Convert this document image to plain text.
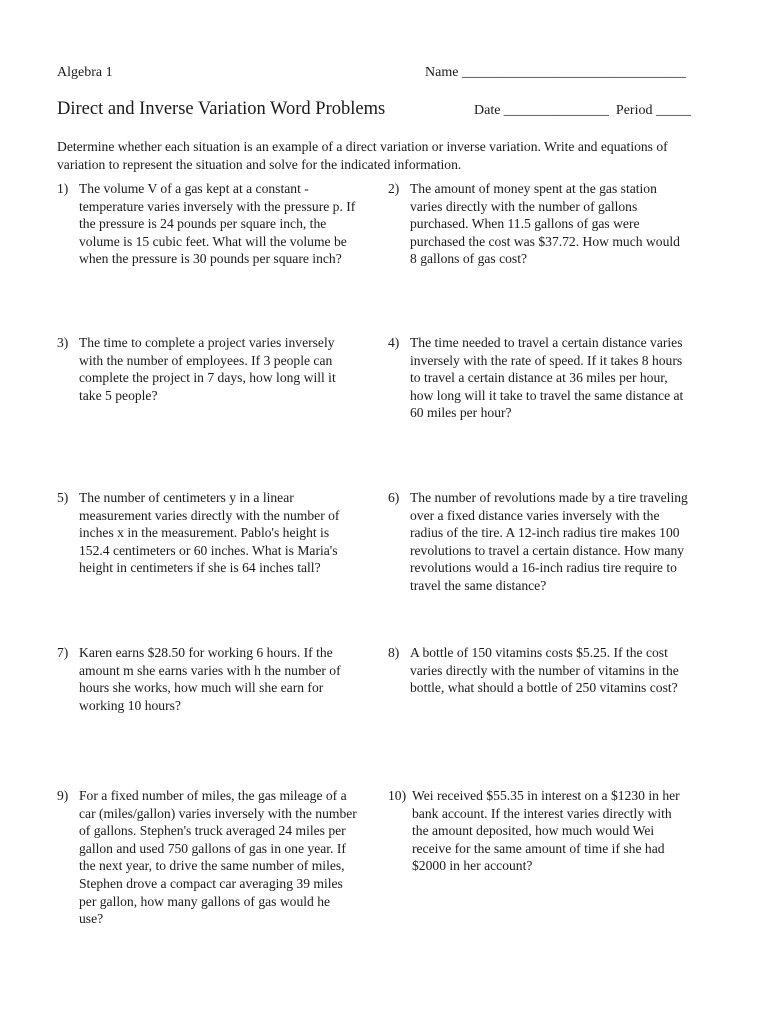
Algebra 1	Name ________________________________
Direct and Inverse Variation Word Problems	Date _______________  Period _____
Determine whether each situation is an example of a direct variation or inverse variation. Write and equations of variation to represent the situation and solve for the indicated information.
1) The volume V of a gas kept at a constant - temperature varies inversely with the pressure p. If the pressure is 24 pounds per square inch, the volume is 15 cubic feet. What will the volume be when the pressure is 30 pounds per square inch?
2) The amount of money spent at the gas station varies directly with the number of gallons purchased. When 11.5 gallons of gas were purchased the cost was $37.72. How much would 8 gallons of gas cost?
3) The time to complete a project varies inversely with the number of employees. If 3 people can complete the project in 7 days, how long will it take 5 people?
4) The time needed to travel a certain distance varies inversely with the rate of speed. If it takes 8 hours to travel a certain distance at 36 miles per hour, how long will it take to travel the same distance at 60 miles per hour?
5) The number of centimeters y in a linear measurement varies directly with the number of inches x in the measurement. Pablo's height is 152.4 centimeters or 60 inches. What is Maria's height in centimeters if she is 64 inches tall?
6) The number of revolutions made by a tire traveling over a fixed distance varies inversely with the radius of the tire. A 12-inch radius tire makes 100 revolutions to travel a certain distance. How many revolutions would a 16-inch radius tire require to travel the same distance?
7) Karen earns $28.50 for working 6 hours. If the amount m she earns varies with h the number of hours she works, how much will she earn for working 10 hours?
8) A bottle of 150 vitamins costs $5.25. If the cost varies directly with the number of vitamins in the bottle, what should a bottle of 250 vitamins cost?
9) For a fixed number of miles, the gas mileage of a car (miles/gallon) varies inversely with the number of gallons. Stephen's truck averaged 24 miles per gallon and used 750 gallons of gas in one year. If the next year, to drive the same number of miles, Stephen drove a compact car averaging 39 miles per gallon, how many gallons of gas would he use?
10) Wei received $55.35 in interest on a $1230 in her bank account. If the interest varies directly with the amount deposited, how much would Wei receive for the same amount of time if she had $2000 in her account?
